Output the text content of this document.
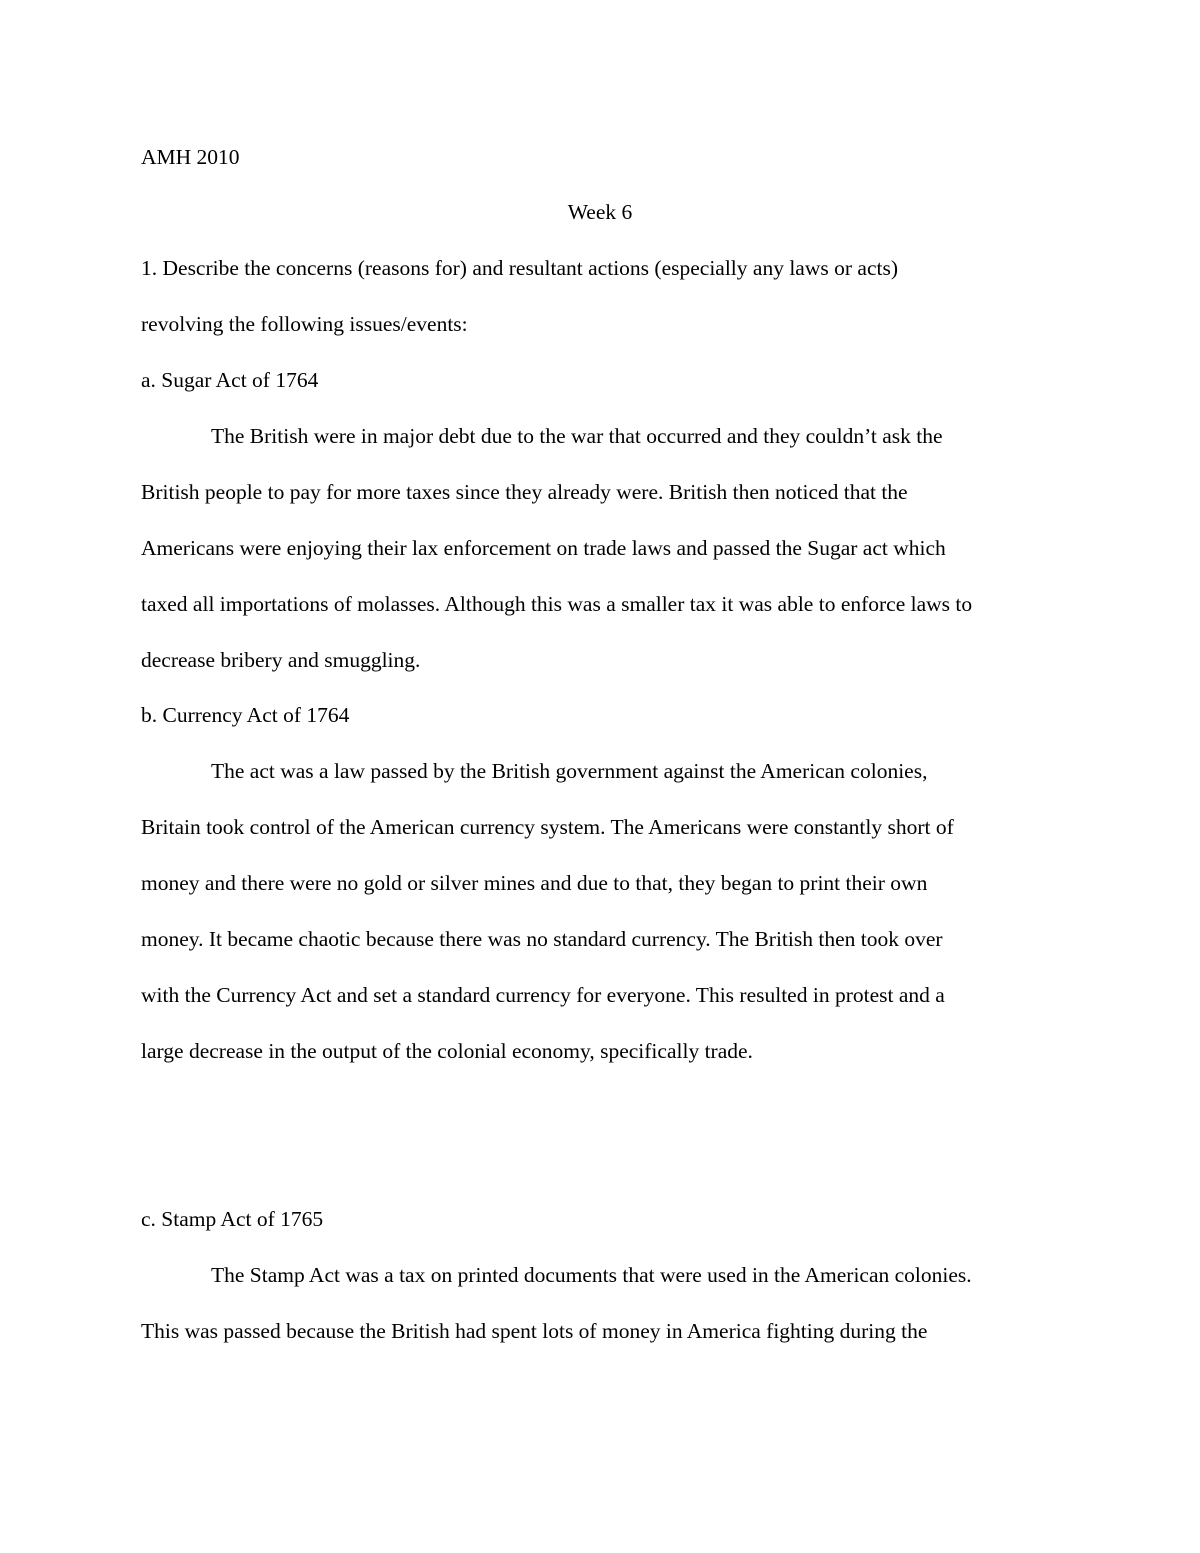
AMH 2010
Week 6
1. Describe the concerns (reasons for) and resultant actions (especially any laws or acts)
revolving the following issues/events:
a. Sugar Act of 1764
The British were in major debt due to the war that occurred and they couldn’t ask the
British people to pay for more taxes since they already were. British then noticed that the
Americans were enjoying their lax enforcement on trade laws and passed the Sugar act which
taxed all importations of molasses. Although this was a smaller tax it was able to enforce laws to
decrease bribery and smuggling.
b. Currency Act of 1764
The act was a law passed by the British government against the American colonies,
Britain took control of the American currency system. The Americans were constantly short of
money and there were no gold or silver mines and due to that, they began to print their own
money. It became chaotic because there was no standard currency. The British then took over
with the Currency Act and set a standard currency for everyone. This resulted in protest and a
large decrease in the output of the colonial economy, specifically trade.
c. Stamp Act of 1765
The Stamp Act was a tax on printed documents that were used in the American colonies.
This was passed because the British had spent lots of money in America fighting during the
